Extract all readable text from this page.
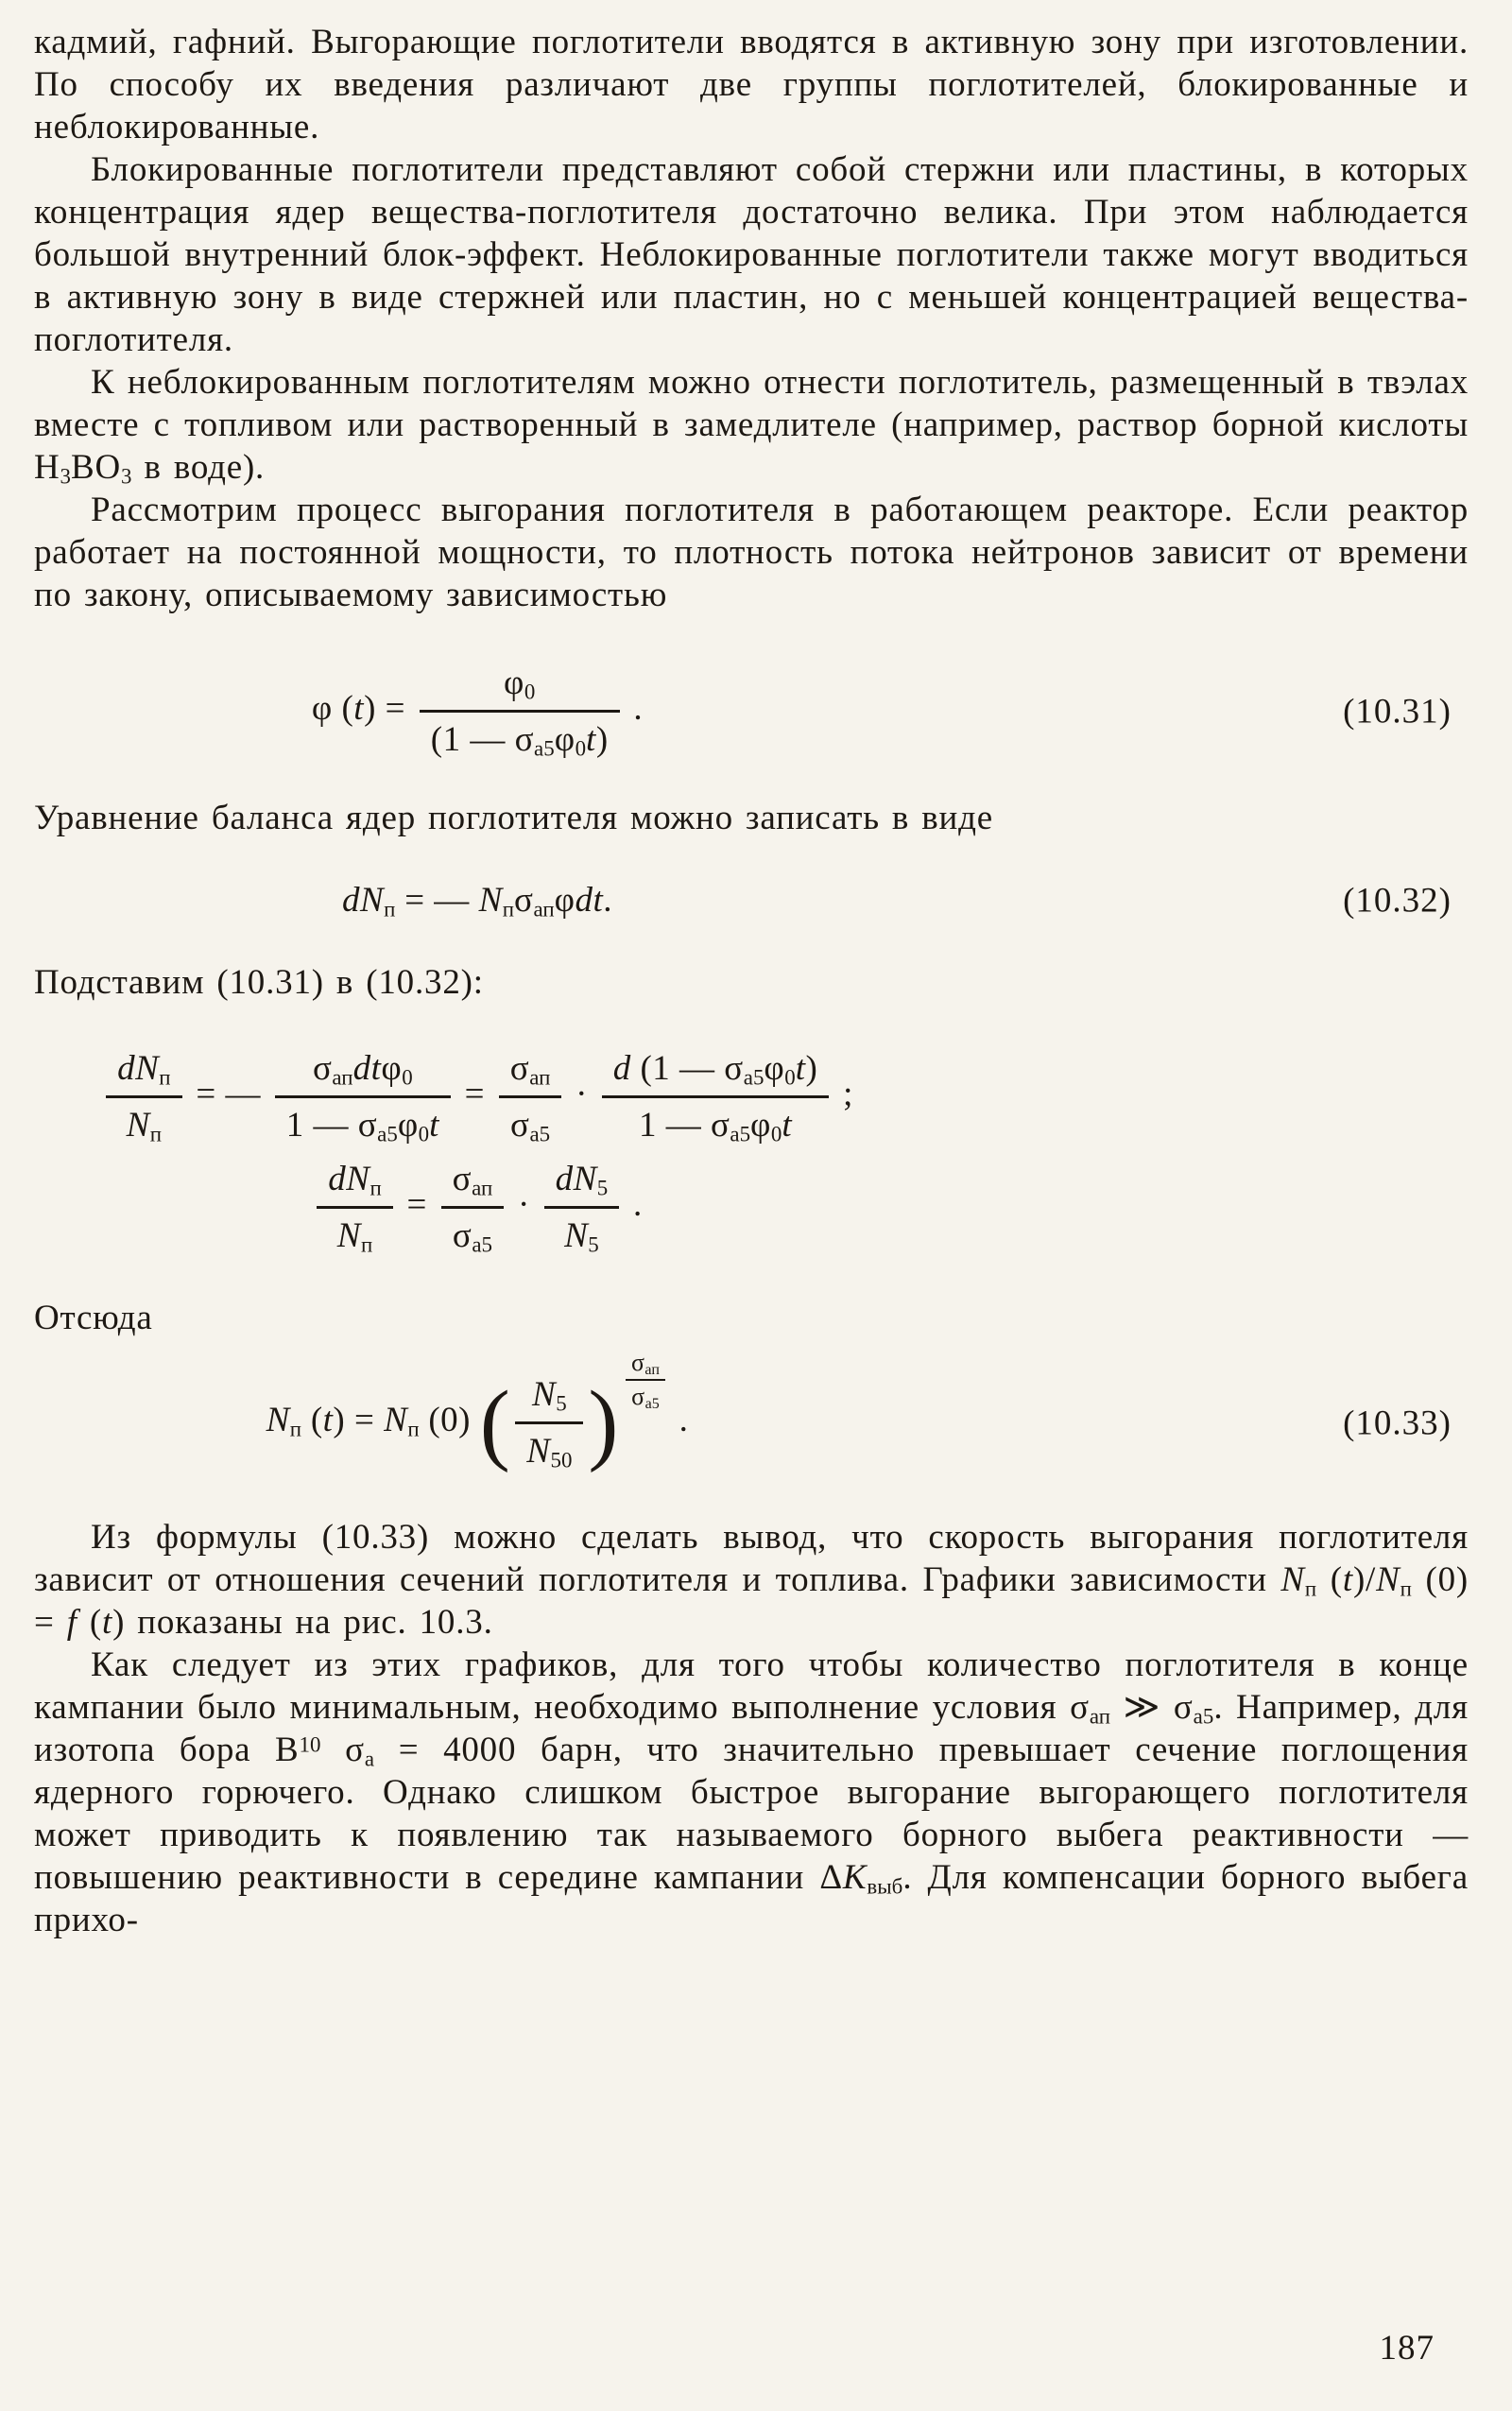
кадмий, гафний. Выгорающие поглотители вводятся в активную зону при изготовлении. По способу их введения различают две группы поглотителей, блокированные и неблокированные.

Блокированные поглотители представляют собой стержни или пластины, в которых концентрация ядер вещества-поглотителя достаточно велика. При этом наблюдается большой внутренний блок-эффект. Неблокированные поглотители также могут вводиться в активную зону в виде стержней или пластин, но с меньшей концентрацией вещества-поглотителя.

К неблокированным поглотителям можно отнести поглотитель, размещенный в твэлах вместе с топливом или растворенный в замедлителе (например, раствор борной кислоты $H_3BO_3$ в воде).

Рассмотрим процесс выгорания поглотителя в работающем реакторе. Если реактор работает на постоянной мощности, то плотность потока нейтронов зависит от времени по закону, описываемому зависимостью

φ $(t) = \frac{\varphi_0}{(1 — \sigma_{а5}\varphi_0t)}$ .	(10.31)

Уравнение баланса ядер поглотителя можно записать в виде

$dN_п$ = — $N_п\sigma_{ап}\varphi dt$.	(10.32)

Подставим (10.31) в (10.32):

$\frac{dN_п}{N_п}$ = — $\frac{\sigma_{ап}dt\varphi_0}{1 — \sigma_{а5}\varphi_0t} = \frac{\sigma_{ап}}{\sigma_{а5}} \cdot \frac{d (1 — \sigma_{а5}\varphi_0t)}{1 — \sigma_{а5}\varphi_0t}$ ;
$\frac{dN_п}{N_п} = \frac{\sigma_{ап}}{\sigma_{а5}} \cdot \frac{dN_5}{N_5}$ .

Отсюда

$N_п$ $(t) = N_п$ (0) ( $\frac{N_5}{N_{50}}$ ) $\frac{\sigma_{ап}}{\sigma_{а5}}$
.	(10.33)

Из формулы (10.33) можно сделать вывод, что скорость выгорания поглотителя зависит от отношения сечений поглотителя и топлива. Графики зависимости $N_п$ $(t)/N_п$ (0) = f (t) показаны на рис. 10.3.

Как следует из этих графиков, для того чтобы количество поглотителя в конце кампании было минимальным, необходимо выполнение условия $\sigma_{ап}$ ≫ $\sigma_{а5}$. Например, для изотопа бора $B^{10}$ $\sigma_а = 4000$ барн, что значительно превышает сечение поглощения ядерного горючего. Однако слишком быстрое выгорание выгорающего поглотителя может приводить к появлению так называемого борного выбега реактивности — повышению реактивности в середине кампании $\Delta K_{выб}$. Для компенсации борного выбега прихо-

187
